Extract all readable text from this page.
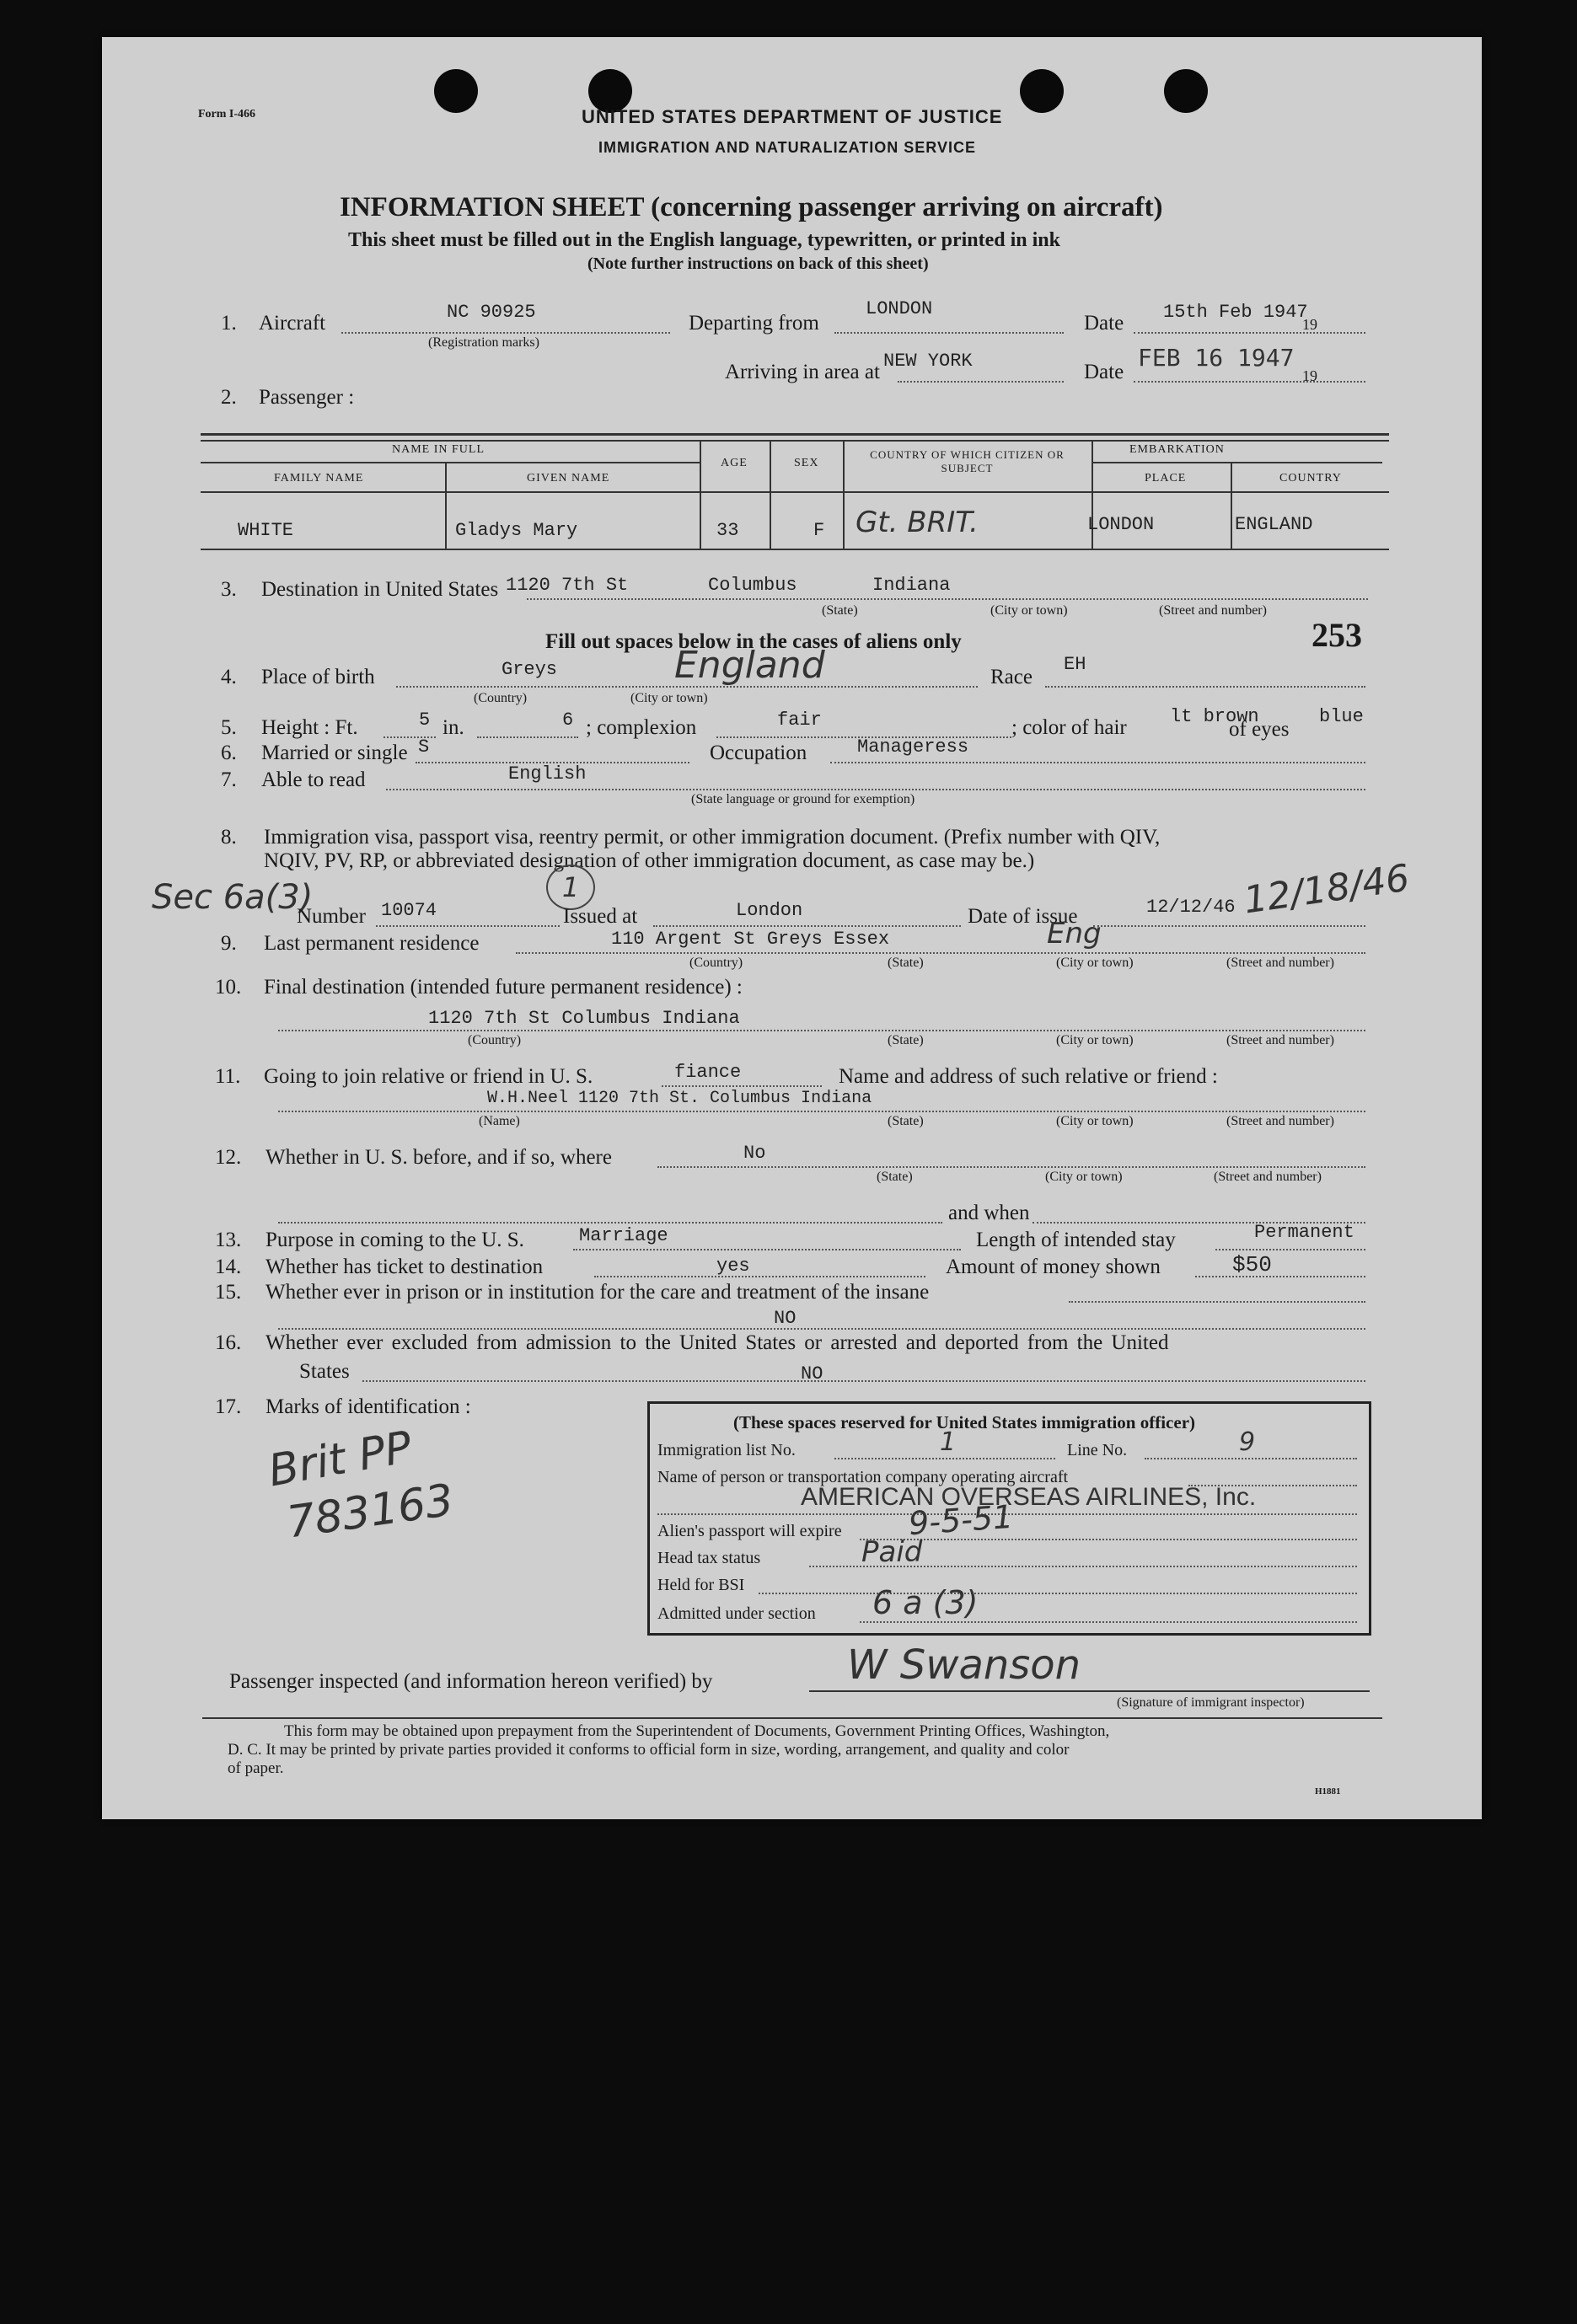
Form I-466	UNITED STATES DEPARTMENT OF JUSTICE
IMMIGRATION AND NATURALIZATION SERVICE
INFORMATION SHEET (concerning passenger arriving on aircraft)
This sheet must be filled out in the English language, typewritten, or printed in ink
(Note further instructions on back of this sheet)
1. Aircraft	NC 90925
(Registration marks)
Departing from
LONDON
Date 15th Feb 1947
19
Arriving in area at NEW YORK	Date
FEB 16 1947
19
2. Passenger :
NAME IN FULL
FAMILY NAME	GIVEN NAME
AGE	SEX
COUNTRY OF WHICH CITIZEN OR SUBJECT
EMBARKATION
PLACE	COUNTRY
WHITE	Gladys Mary	33	F Gt. BRIT.	LONDON	ENGLAND
3. Destination in United States 1120 7th St	Columbus	Indiana
(State)	(City or town)	(Street and number)
253
Fill out spaces below in the cases of aliens only
4. Place of birth	Greys	England
(Country)	(City or town)
Race
EH
5. Height : Ft.	5 in.	6 ; complexion	fair	; color of hair lt brown
of eyes
blue
6. Married or single S	Occupation	Manageress
7. Able to read	English
(State language or ground for exemption)
8. Immigration visa, passport visa, reentry permit, or other immigration document. (Prefix number with QIV,
NQIV, PV, RP, or abbreviated designation of other immigration document, as case may be.)
Sec 6a(3)	1
Number 10074	Issued at	London	Date of issue	12/12/46 12/18/46
9. Last permanent residence	110 Argent St Greys Essex	Eng
(Country)	(State)	(City or town)	(Street and number)
10. Final destination (intended future permanent residence) :
1120 7th St Columbus Indiana
(Country)	(State)	(City or town)	(Street and number)
11. Going to join relative or friend in U. S.	fiance	Name and address of such relative or friend :
W.H.Neel 1120 7th St. Columbus Indiana
(Name)	(State)	(City or town)	(Street and number)
12. Whether in U. S. before, and if so, where	No
(State)	(City or town)	(Street and number)
and when
13. Purpose in coming to the U. S.	Marriage	Length of intended stay	Permanent
14. Whether has ticket to destination	yes	Amount of money shown	$50
15. Whether ever in prison or in institution for the care and treatment of the insane
NO
16. Whether ever excluded from admission to the United States or arrested and deported from the United
States	NO
17. Marks of identification :
Brit PP
783163
(These spaces reserved for United States immigration officer)
Immigration list No.	1	Line No.	9
Name of person or transportation company operating aircraft
AMERICAN OVERSEAS AIRLINES, Inc.
Alien's passport will expire 9-5-51
Head tax status	Paid
Held for BSI
Admitted under section 6 a (3)
Passenger inspected (and information hereon verified) by	W Swanson
(Signature of immigrant inspector)
This form may be obtained upon prepayment from the Superintendent of Documents, Government Printing Offices, Washington,
D. C. It may be printed by private parties provided it conforms to official form in size, wording, arrangement, and quality and color
of paper.
H1881
